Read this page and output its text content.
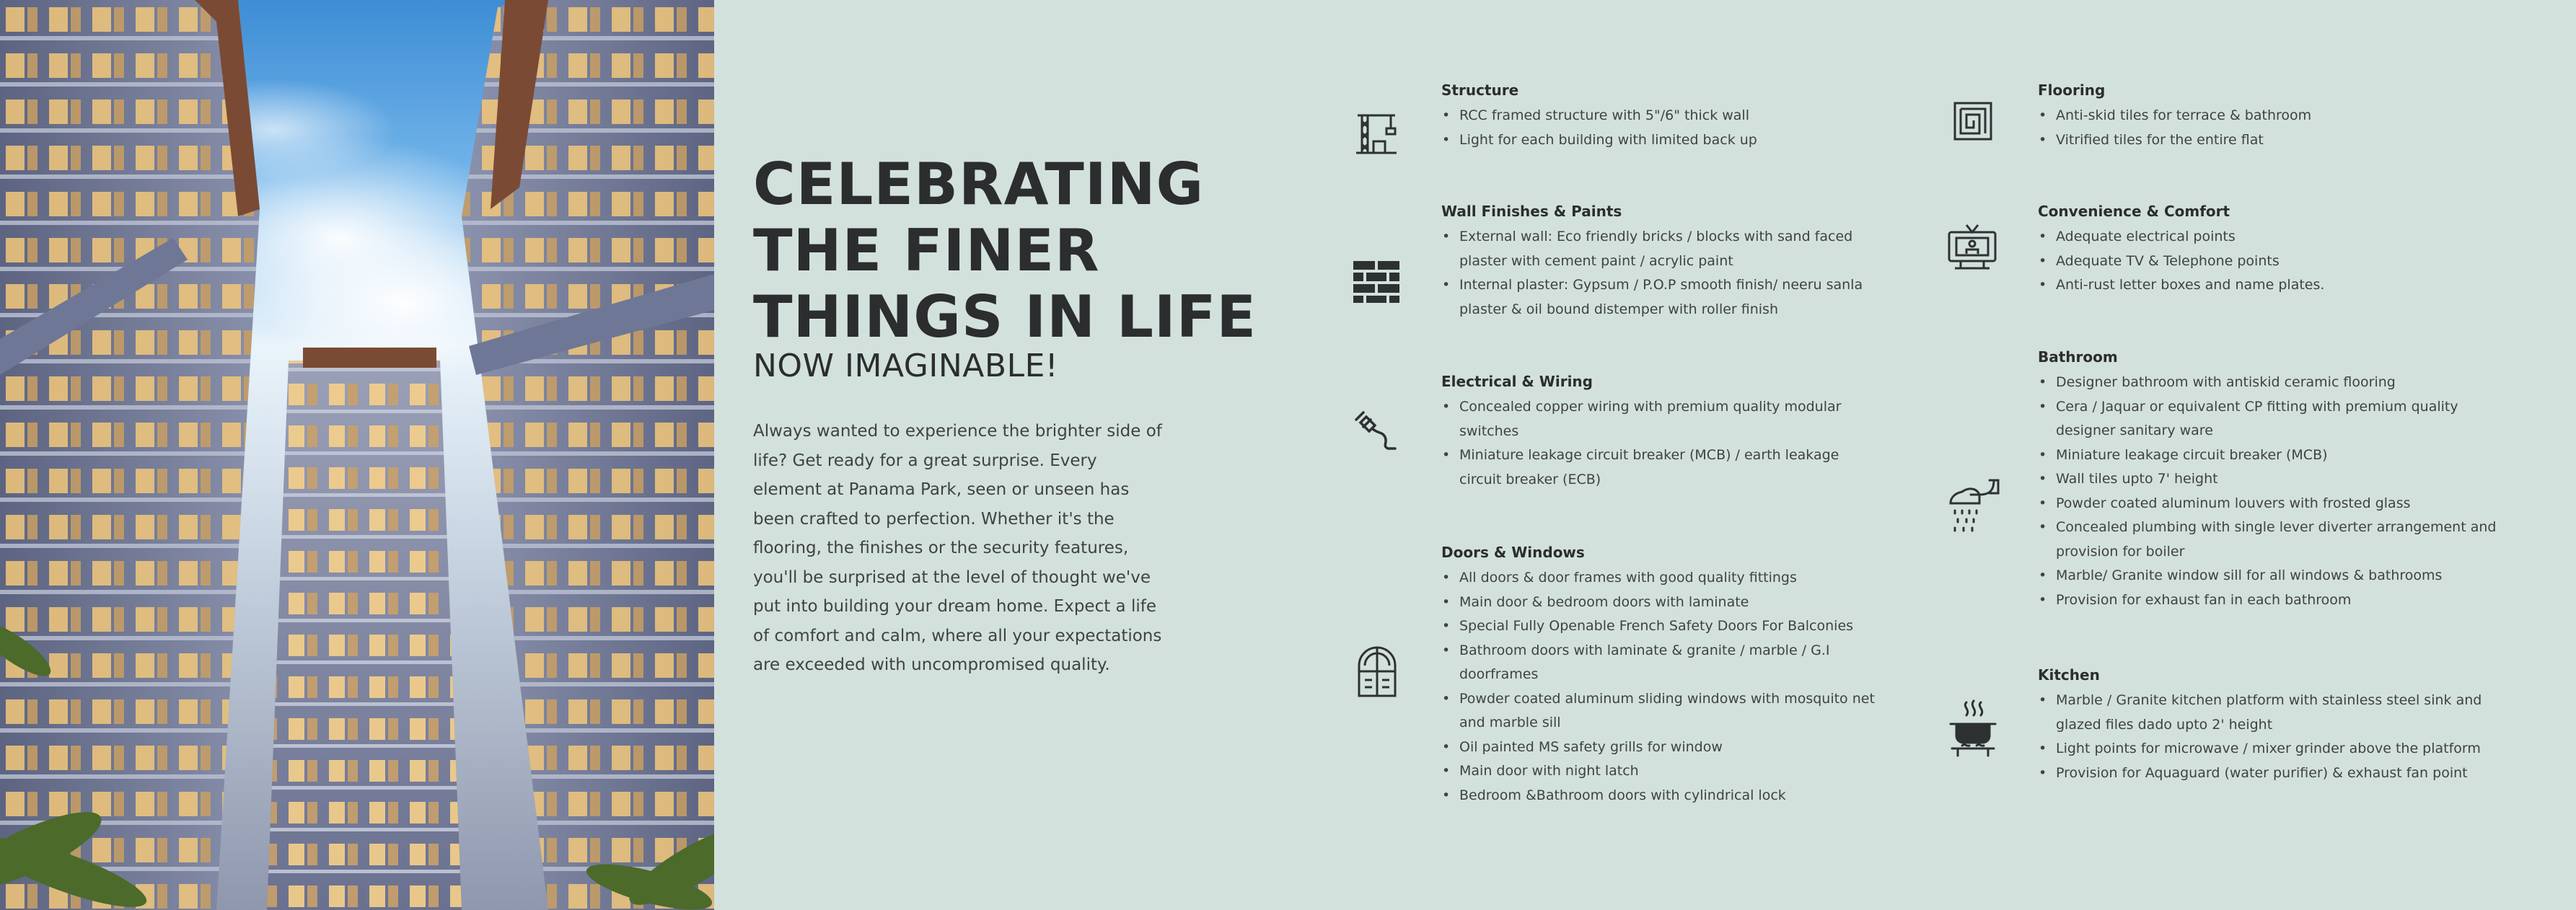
CELEBRATING
THE FINER
THINGS IN LIFE
NOW IMAGINABLE!
Always wanted to experience the brighter side of
life? Get ready for a great surprise. Every
element at Panama Park, seen or unseen has
been crafted to perfection. Whether it's the
flooring, the finishes or the security features,
you'll be surprised at the level of thought we've
put into building your dream home. Expect a life
of comfort and calm, where all your expectations
are exceeded with uncompromised quality.
Structure
• RCC framed structure with 5"/6" thick wall
• Light for each building with limited back up
Wall Finishes & Paints
• External wall: Eco friendly bricks / blocks with sand faced
plaster with cement paint / acrylic paint
• Internal plaster: Gypsum / P.O.P smooth finish/ neeru sanla
plaster & oil bound distemper with roller finish
Electrical & Wiring
• Concealed copper wiring with premium quality modular
switches
• Miniature leakage circuit breaker (MCB) / earth leakage
circuit breaker (ECB)
Doors & Windows
• All doors & door frames with good quality fittings
• Main door & bedroom doors with laminate
• Special Fully Openable French Safety Doors For Balconies
• Bathroom doors with laminate & granite / marble / G.I
doorframes
• Powder coated aluminum sliding windows with mosquito net
and marble sill
• Oil painted MS safety grills for window
• Main door with night latch
• Bedroom &Bathroom doors with cylindrical lock
Flooring
• Anti-skid tiles for terrace & bathroom
• Vitrified tiles for the entire flat
Convenience & Comfort
• Adequate electrical points
• Adequate TV & Telephone points
• Anti-rust letter boxes and name plates.
Bathroom
• Designer bathroom with antiskid ceramic flooring
• Cera / Jaquar or equivalent CP fitting with premium quality
designer sanitary ware
• Miniature leakage circuit breaker (MCB)
• Wall tiles upto 7' height
• Powder coated aluminum louvers with frosted glass
• Concealed plumbing with single lever diverter arrangement and
provision for boiler
• Marble/ Granite window sill for all windows & bathrooms
• Provision for exhaust fan in each bathroom
Kitchen
• Marble / Granite kitchen platform with stainless steel sink and
glazed files dado upto 2' height
• Light points for microwave / mixer grinder above the platform
• Provision for Aquaguard (water purifier) & exhaust fan point
